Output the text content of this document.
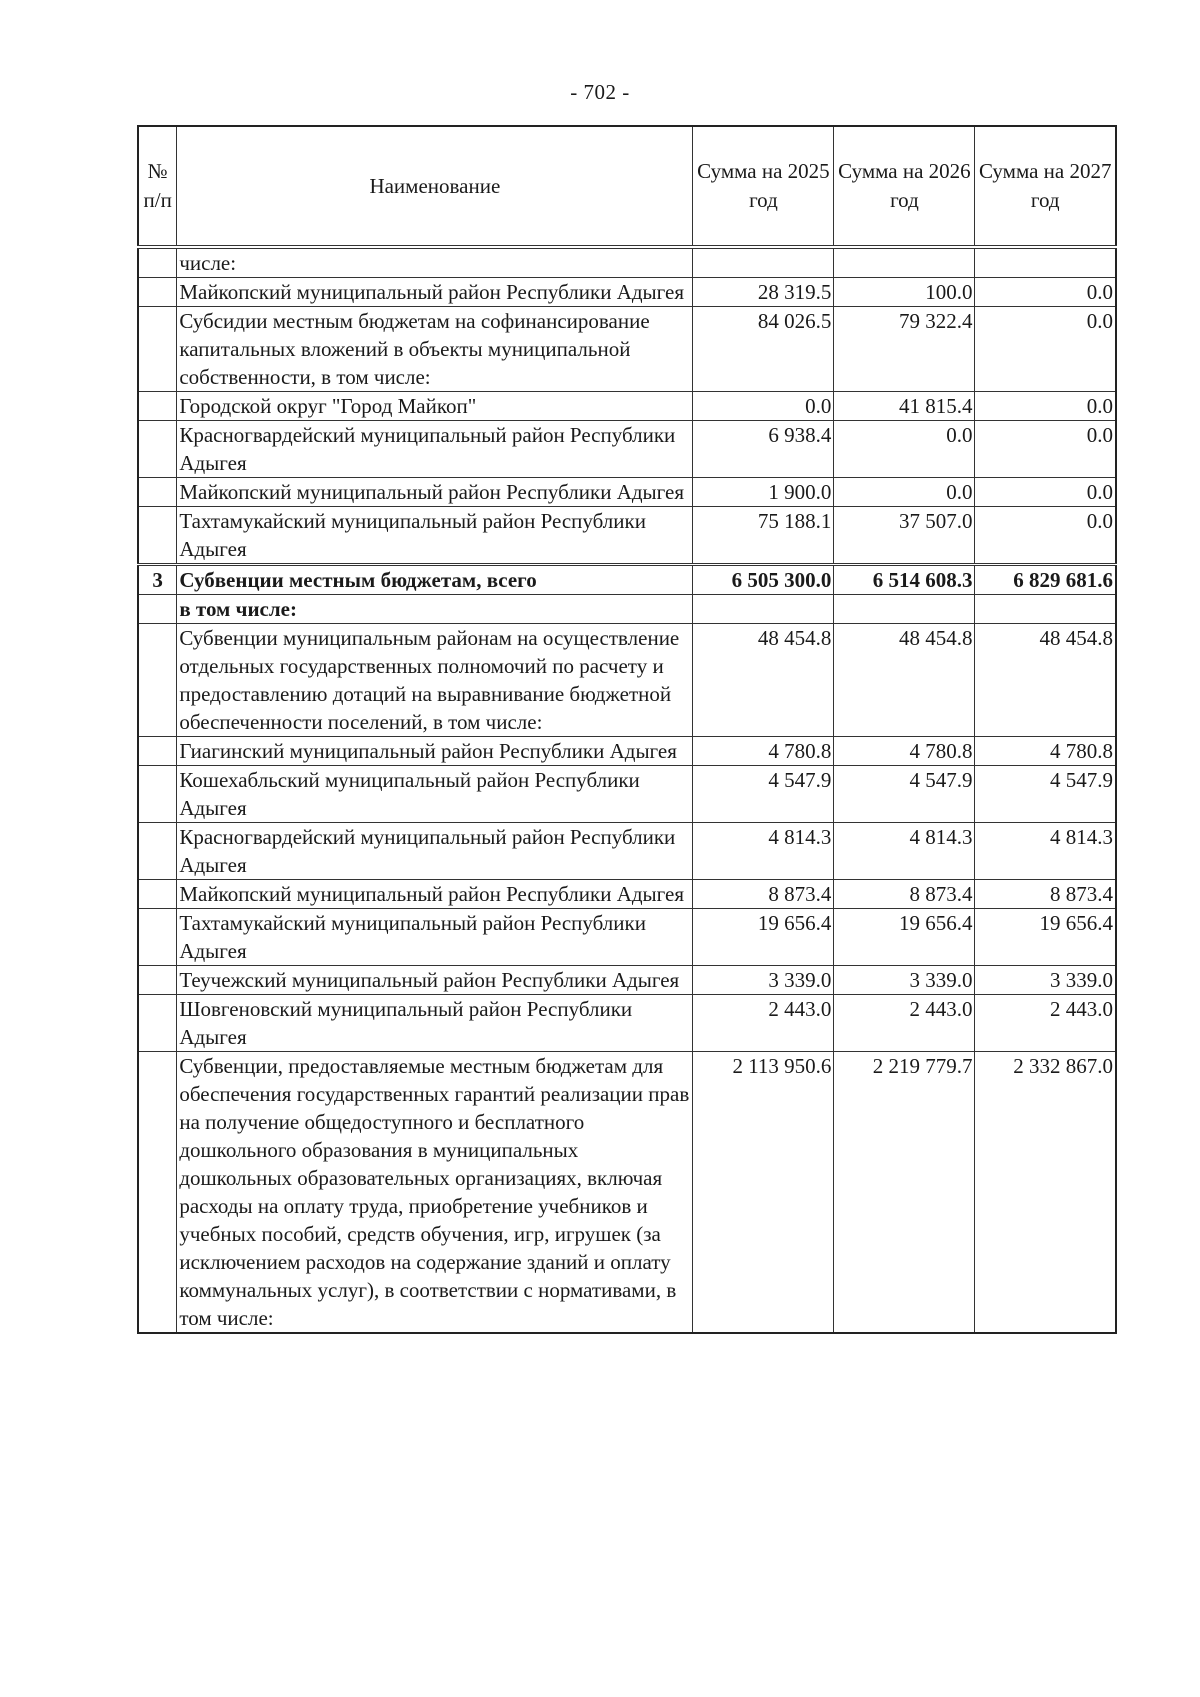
- 702 -
№ п/п	Наименование	Сумма на 2025 год	Сумма на 2026 год	Сумма на 2027 год
	числе:			
	Майкопский муниципальный район Республики Адыгея	28 319.5	100.0	0.0
	Субсидии местным бюджетам на софинансирование капитальных вложений в объекты муниципальной собственности, в том числе:	84 026.5	79 322.4	0.0
	Городской округ "Город Майкоп"	0.0	41 815.4	0.0
	Красногвардейский муниципальный район Республики Адыгея	6 938.4	0.0	0.0
	Майкопский муниципальный район Республики Адыгея	1 900.0	0.0	0.0
	Тахтамукайский муниципальный район Республики Адыгея	75 188.1	37 507.0	0.0
3	Субвенции местным бюджетам, всего	6 505 300.0	6 514 608.3	6 829 681.6
	в том числе:			
	Субвенции муниципальным районам на осуществление отдельных государственных полномочий по расчету и предоставлению дотаций на выравнивание бюджетной обеспеченности поселений, в том числе:	48 454.8	48 454.8	48 454.8
	Гиагинский муниципальный район Республики Адыгея	4 780.8	4 780.8	4 780.8
	Кошехабльский муниципальный район Республики Адыгея	4 547.9	4 547.9	4 547.9
	Красногвардейский муниципальный район Республики Адыгея	4 814.3	4 814.3	4 814.3
	Майкопский муниципальный район Республики Адыгея	8 873.4	8 873.4	8 873.4
	Тахтамукайский муниципальный район Республики Адыгея	19 656.4	19 656.4	19 656.4
	Теучежский муниципальный район Республики Адыгея	3 339.0	3 339.0	3 339.0
	Шовгеновский муниципальный район Республики Адыгея	2 443.0	2 443.0	2 443.0
	Субвенции, предоставляемые местным бюджетам для обеспечения государственных гарантий реализации прав на получение общедоступного и бесплатного дошкольного образования в муниципальных дошкольных образовательных организациях, включая расходы на оплату труда, приобретение учебников и учебных пособий, средств обучения, игр, игрушек (за исключением расходов на содержание зданий и оплату коммунальных услуг), в соответствии с нормативами, в том числе:	2 113 950.6	2 219 779.7	2 332 867.0
